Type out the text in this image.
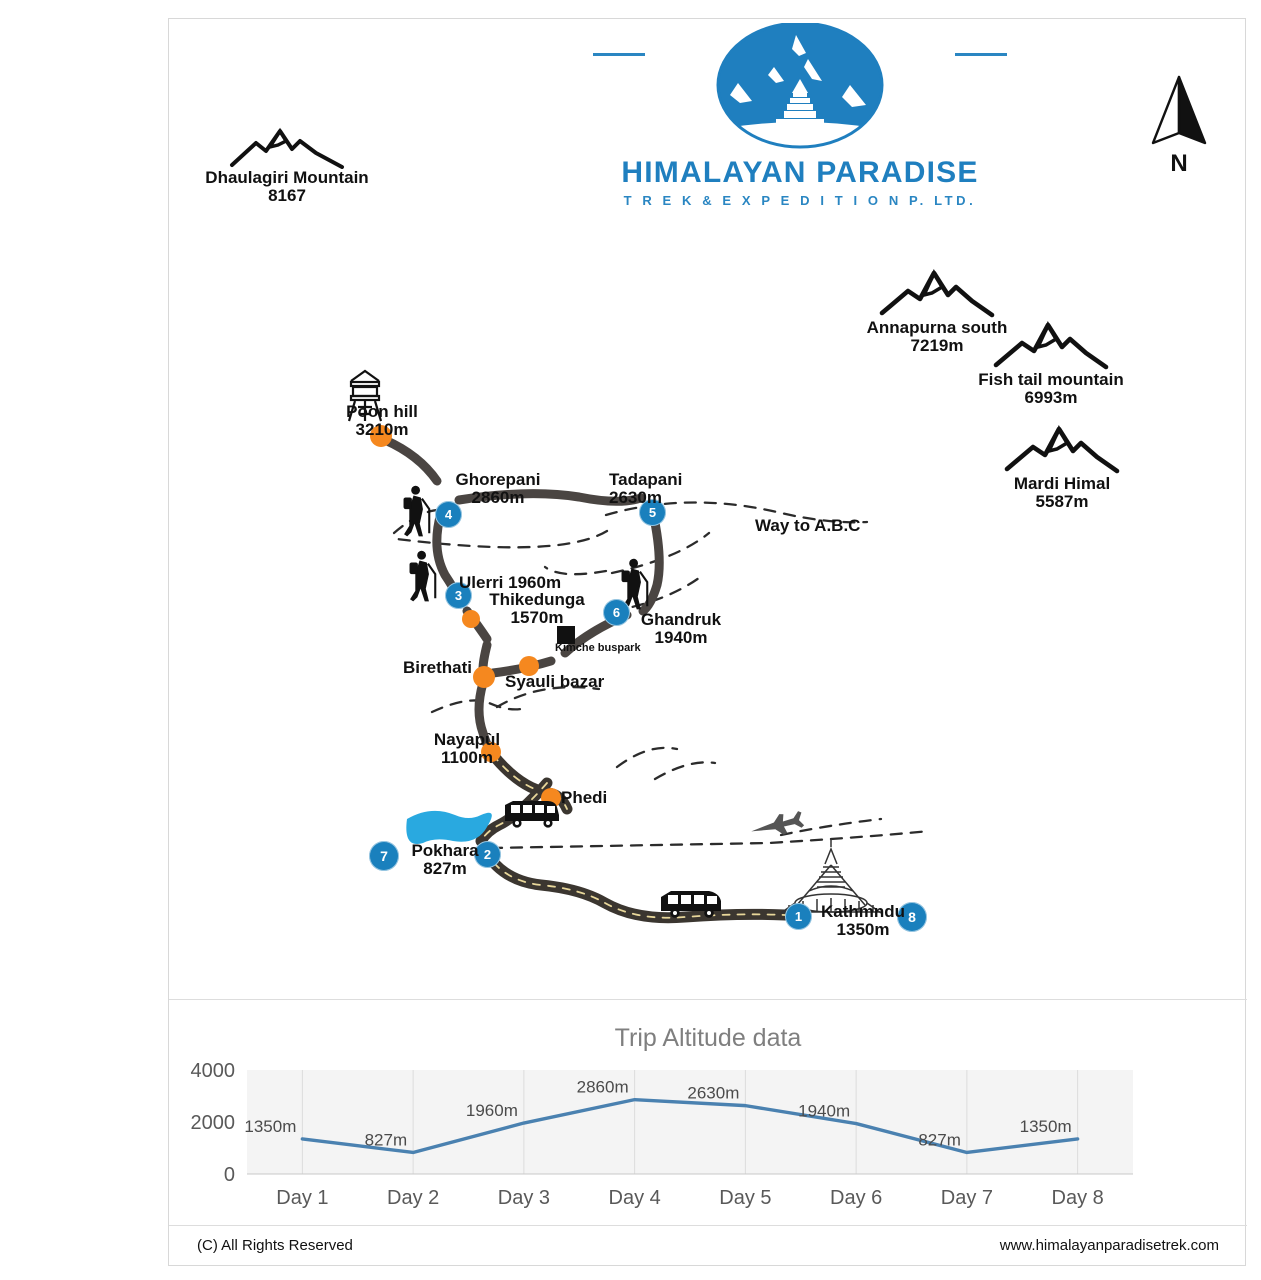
HIMALAYAN PARADISE
T R E K & E X P E D I T I O N P. LTD.
N
Dhaulagiri Mountain
8167
Annapurna south
7219m
Fish tail mountain
6993m
Mardi Himal
5587m
Poon hill
3210m
4
Ghorepani
2860m
5
Tadapani
2630m
3
Ulerri 1960m
Thikedunga
1570m	6	Ghandruk
1940m
Kimche buspark
Birethati
Syauli bazar
Nayapùl
1100m
Phedi
2
7	Pokhara
827m
1	8
Kathmndu
1350m
Way to A.B.C
Trip Altitude data
0
2000
4000
Day 1	Day 2	Day 3	Day 4	Day 5	Day 6	Day 7	Day 8
1350m
827m
1960m
2860m	2630m
1940m
827m
1350m
(C) All Rights Reserved	www.himalayanparadisetrek.com
